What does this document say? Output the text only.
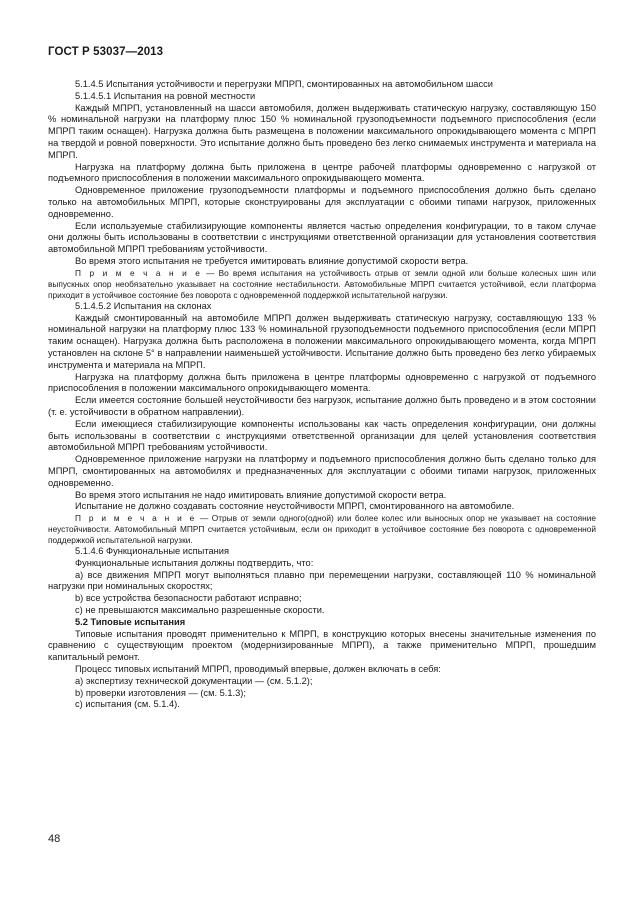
ГОСТ Р 53037—2013

5.1.4.5 Испытания устойчивости и перегрузки МПРП, смонтированных на автомобильном шасси

5.1.4.5.1 Испытания на ровной местности

Каждый МПРП, установленный на шасси автомобиля, должен выдерживать статическую нагрузку, составляющую 150 % номинальной нагрузки на платформу плюс 150 % номинальной грузоподъемности подъемного приспособления (если МПРП таким оснащен). Нагрузка должна быть размещена в положении максимального опрокидывающего момента с МПРП на твердой и ровной поверхности. Это испытание должно быть проведено без легко снимаемых инструмента и материала на МПРП.

Нагрузка на платформу должна быть приложена в центре рабочей платформы одновременно с нагрузкой от подъемного приспособления в положении максимального опрокидывающего момента.

Одновременное приложение грузоподъемности платформы и подъемного приспособления должно быть сделано только на автомобильных МПРП, которые сконструированы для эксплуатации с обоими типами нагрузок, приложенных одновременно.

Если используемые стабилизирующие компоненты является частью определения конфигурации, то в таком случае они должны быть использованы в соответствии с инструкциями ответственной организации для установления соответствия автомобильной МПРП требованиям устойчивости.

Во время этого испытания не требуется имитировать влияние допустимой скорости ветра.

П р и м е ч а н и е — Во время испытания на устойчивость отрыв от земли одной или больше колесных шин или выпускных опор необязательно указывает на состояние нестабильности. Автомобильные МПРП считается устойчивой, если платформа приходит в устойчивое состояние без поворота с одновременной поддержкой испытательной нагрузки.

5.1.4.5.2 Испытания на склонах

Каждый смонтированный на автомобиле МПРП должен выдерживать статическую нагрузку, составляющую 133 % номинальной нагрузки на платформу плюс 133 % номинальной грузоподъемности подъемного приспособления (если МПРП таким оснащен). Нагрузка должна быть расположена в положении максимального опрокидывающего момента, когда МПРП установлен на склоне 5° в направлении наименьшей устойчивости. Испытание должно быть проведено без легко убираемых инструмента и материала на МПРП.

Нагрузка на платформу должна быть приложена в центре платформы одновременно с нагрузкой от подъемного приспособления в положении максимального опрокидывающего момента.

Если имеется состояние большей неустойчивости без нагрузок, испытание должно быть проведено и в этом состоянии (т. е. устойчивости в обратном направлении).

Если имеющиеся стабилизирующие компоненты использованы как часть определения конфигурации, они должны быть использованы в соответствии с инструкциями ответственной организации для целей установления соответствия автомобильной МПРП требованиям устойчивости.

Одновременное приложение нагрузки на платформу и подъемного приспособления должно быть сделано только для МПРП, смонтированных на автомобилях и предназначенных для эксплуатации с обоими типами нагрузок, приложенных одновременно.

Во время этого испытания не надо имитировать влияние допустимой скорости ветра.

Испытание не должно создавать состояние неустойчивости МПРП, смонтированного на автомобиле.

П р и м е ч а н и е — Отрыв от земли одного(одной) или более колес или выносных опор не указывает на состояние неустойчивости. Автомобильный МПРП считается устойчивым, если он приходит в устойчивое состояние без поворота с одновременной поддержкой испытательной нагрузки.

5.1.4.6 Функциональные испытания

Функциональные испытания должны подтвердить, что:

a) все движения МПРП могут выполняться плавно при перемещении нагрузки, составляющей 110 % номинальной нагрузки при номинальных скоростях;

b) все устройства безопасности работают исправно;

c) не превышаются максимально разрешенные скорости.

5.2 Типовые испытания

Типовые испытания проводят применительно к МПРП, в конструкцию которых внесены значительные изменения по сравнению с существующим проектом (модернизированные МПРП), а также применительно МПРП, прошедшим капитальный ремонт.

Процесс типовых испытаний МПРП, проводимый впервые, должен включать в себя:

a) экспертизу технической документации — (см. 5.1.2);

b) проверки изготовления — (см. 5.1.3);

c) испытания (см. 5.1.4).

48
